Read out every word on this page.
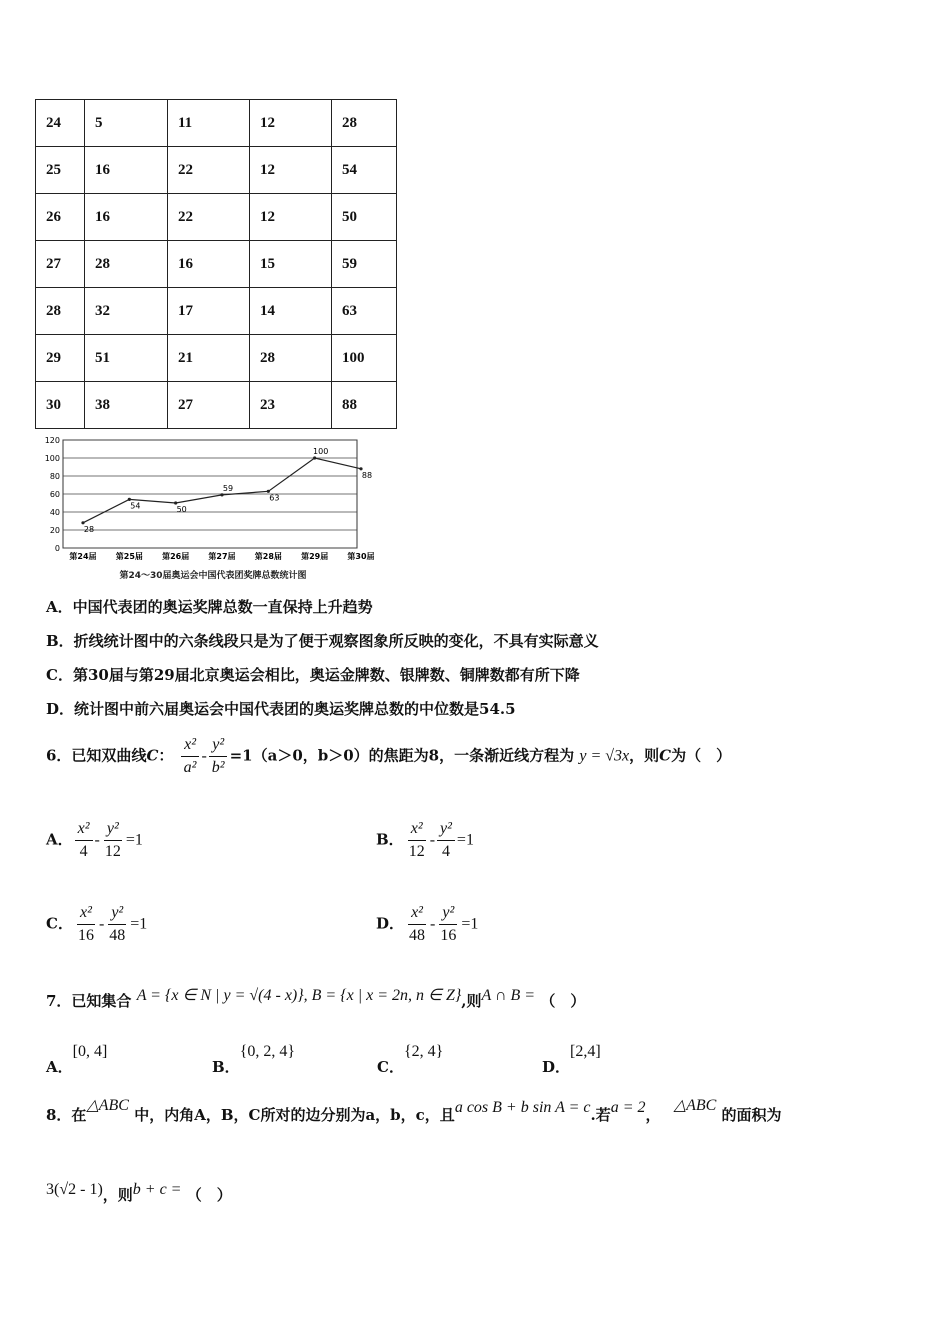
24	5	11	12	28
25	16	22	12	54
26	16	22	12	50
27	28	16	15	59
28	32	17	14	63
29	51	21	28	100
30	38	27	23	88
0
20
40
60
80
100
120
第24届 第25届 第26届 第27届 第28届 第29届 第30届
28
54	50
59
63
100
88
第24～30届奥运会中国代表团奖牌总数统计图
A．中国代表团的奥运奖牌总数一直保持上升趋势
B．折线统计图中的六条线段只是为了便于观察图象所反映的变化，不具有实际意义
C．第30届与第29届北京奥运会相比，奥运金牌数、银牌数、铜牌数都有所下降
D．统计图中前六届奥运会中国代表团的奥运奖牌总数的中位数是54.5
6．已知双曲线C： $\frac{\text{x²}}{\text{a²}} - \frac{\text{y²}}{\text{b²}} =1(a>0$，b＞0）的焦距为8，一条渐近线方程为 y = √3x，则C为（　）
A． $\frac{\text{x²}}{4} - \frac{\text{y²}}{12} =1$	B． $\frac{\text{x²}}{12} - \frac{\text{y²}}{4} =1$
C． $\frac{\text{x²}}{16} - \frac{\text{y²}}{48} =1$	D． $\frac{\text{x²}}{48} - \frac{\text{y²}}{16} =1$
7．已知集合 A = {x ∈ N | y = √(4 - x)}, B = {x | x = 2n, n ∈ Z},则A ∩ B = （　）
A．[0, 4]
B．{0, 2, 4}
C．{2, 4}
D．[2,4]
8．在△ABC 中，内角A，B，C所对的边分别为a，b，c，且a cos B + b sin A = c.若a = 2， △ABC 的面积为
3(√2 - 1)，则b + c = （　）
